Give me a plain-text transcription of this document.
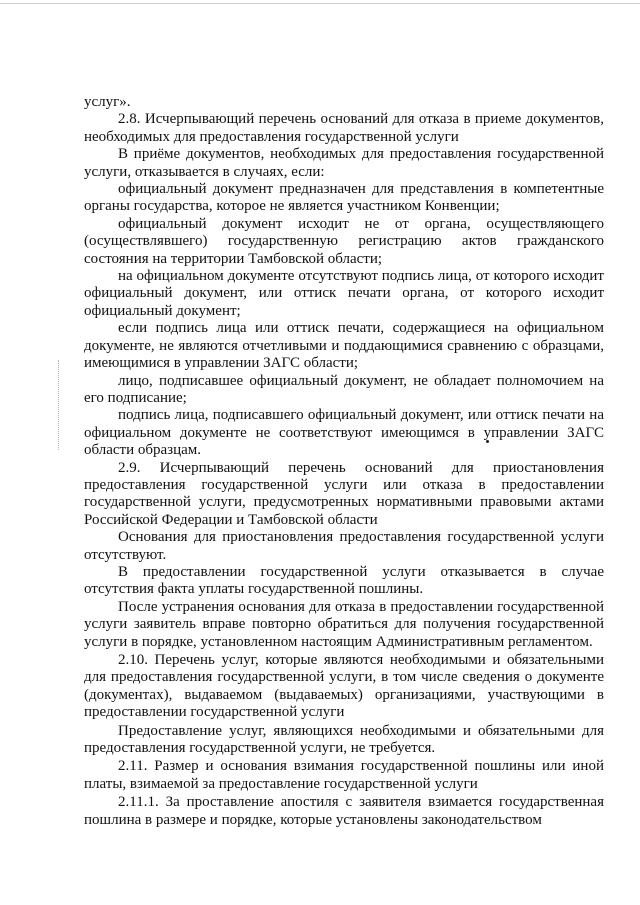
услуг».

2.8. Исчерпывающий перечень оснований для отказа в приеме документов, необходимых для предоставления государственной услуги

В приёме документов, необходимых для предоставления государственной услуги, отказывается в случаях, если:

официальный документ предназначен для представления в компетентные органы государства, которое не является участником Конвенции;

официальный документ исходит не от органа, осуществляющего (осуществлявшего) государственную регистрацию актов гражданского состояния на территории Тамбовской области;

на официальном документе отсутствуют подпись лица, от которого исходит официальный документ, или оттиск печати органа, от которого исходит официальный документ;

если подпись лица или оттиск печати, содержащиеся на официальном документе, не являются отчетливыми и поддающимися сравнению с образцами, имеющимися в управлении ЗАГС области;

лицо, подписавшее официальный документ, не обладает полномочием на его подписание;

подпись лица, подписавшего официальный документ, или оттиск печати на официальном документе не соответствуют имеющимся в управлении ЗАГС области образцам.

2.9. Исчерпывающий перечень оснований для приостановления предоставления государственной услуги или отказа в предоставлении государственной услуги, предусмотренных нормативными правовыми актами Российской Федерации и Тамбовской области

Основания для приостановления предоставления государственной услуги отсутствуют.

В предоставлении государственной услуги отказывается в случае отсутствия факта уплаты государственной пошлины.

После устранения основания для отказа в предоставлении государственной услуги заявитель вправе повторно обратиться для получения государственной услуги в порядке, установленном настоящим Административным регламентом.

2.10. Перечень услуг, которые являются необходимыми и обязательными для предоставления государственной услуги, в том числе сведения о документе (документах), выдаваемом (выдаваемых) организациями, участвующими в предоставлении государственной услуги

Предоставление услуг, являющихся необходимыми и обязательными для предоставления государственной услуги, не требуется.

2.11. Размер и основания взимания государственной пошлины или иной платы, взимаемой за предоставление государственной услуги

2.11.1. За проставление апостиля с заявителя взимается государственная пошлина в размере и порядке, которые установлены законодательством
